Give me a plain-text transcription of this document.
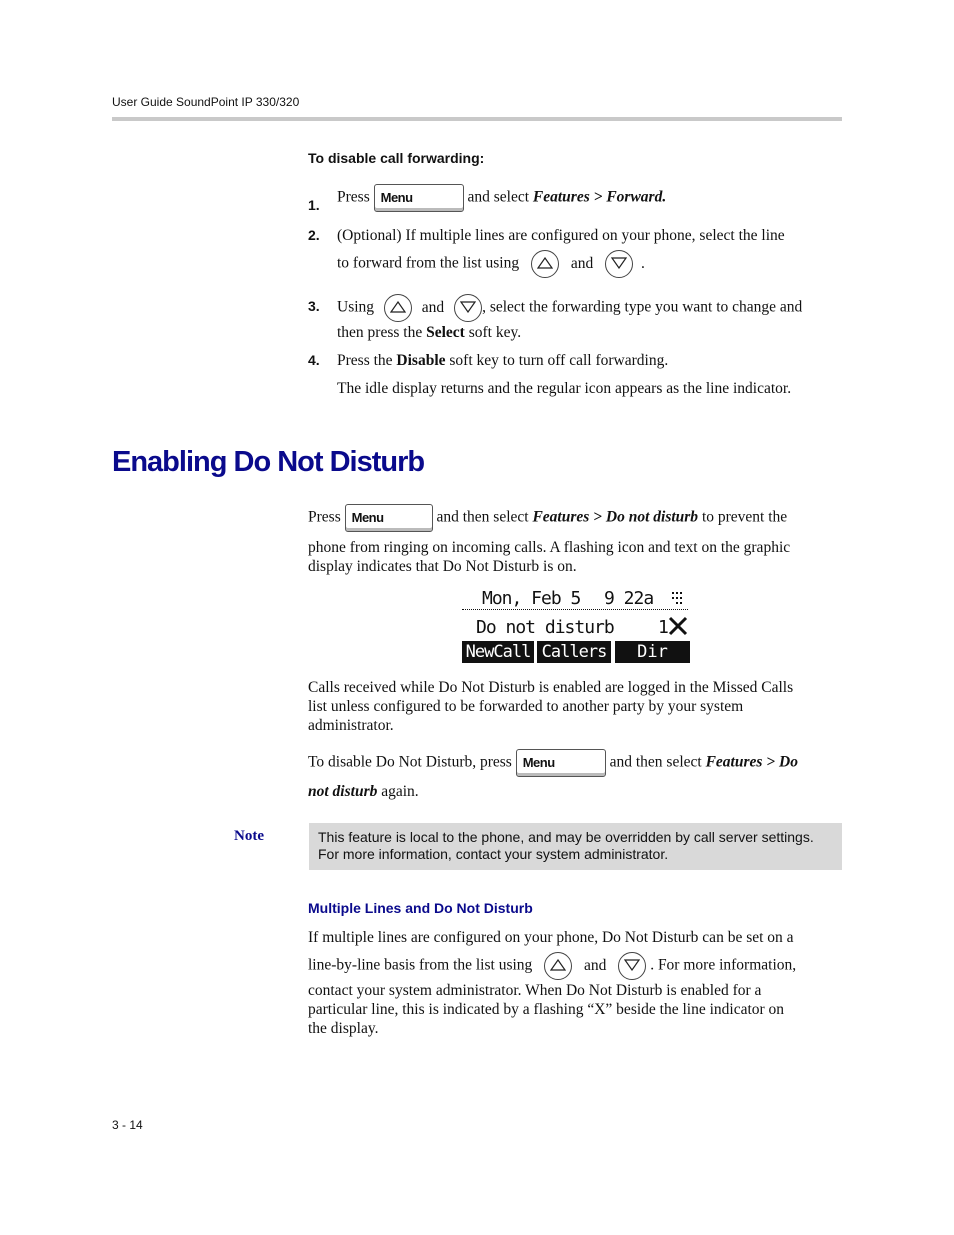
User Guide SoundPoint IP 330/320
To disable call forwarding:
1. Press Menu	and select Features > Forward.
2. (Optional) If multiple lines are configured on your phone, select the line
to forward from the list using	and	.
3. Using	and , select the forwarding type you want to change and
then press the Select soft key.
4. Press the Disable soft key to turn off call forwarding.
The idle display returns and the regular icon appears as the line indicator.
Enabling Do Not Disturb
Press Menu	and then select Features > Do not disturb to prevent the
phone from ringing on incoming calls. A flashing icon and text on the graphic
display indicates that Do Not Disturb is on.
Mon, Feb 5 9 22a
Do not disturb 1
NewCall Callers	Dir
Calls received while Do Not Disturb is enabled are logged in the Missed Calls
list unless configured to be forwarded to another party by your system
administrator.
To disable Do Not Disturb, press Menu	and then select Features > Do
not disturb again.
Note	This feature is local to the phone, and may be overridden by call server settings.
For more information, contact your system administrator.
Multiple Lines and Do Not Disturb
If multiple lines are configured on your phone, Do Not Disturb can be set on a
line-by-line basis from the list using	and	. For more information,
contact your system administrator. When Do Not Disturb is enabled for a
particular line, this is indicated by a flashing “X” beside the line indicator on
the display.
3 - 14
